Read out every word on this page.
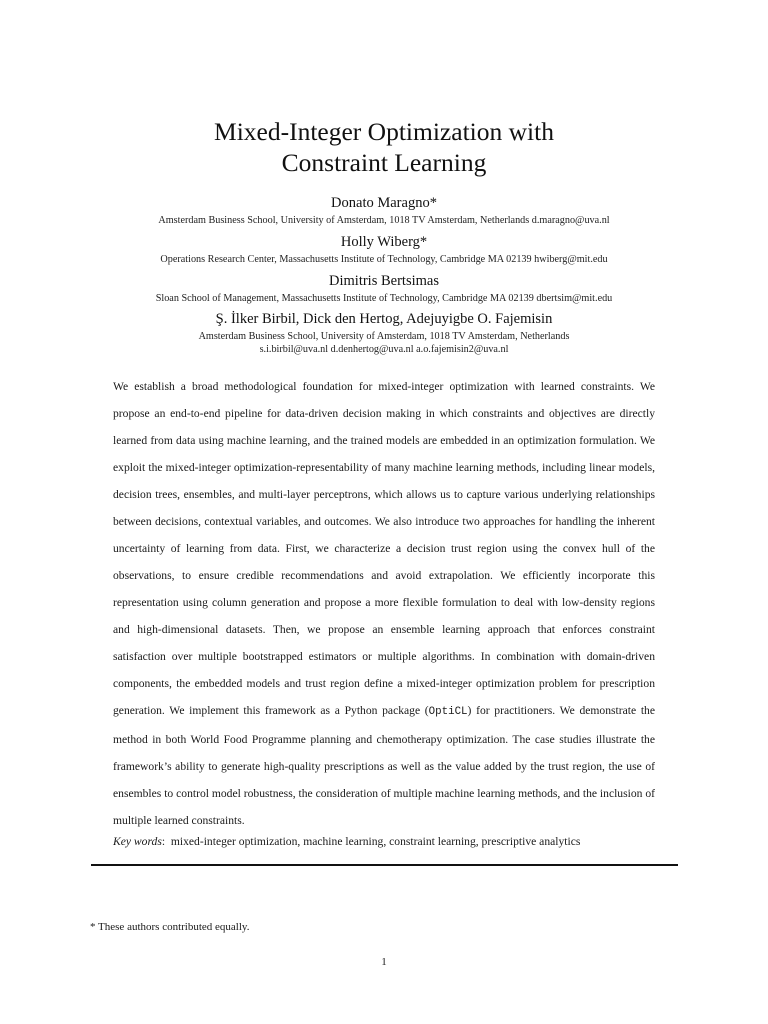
Mixed-Integer Optimization with
Constraint Learning
Donato Maragno*
Amsterdam Business School, University of Amsterdam, 1018 TV Amsterdam, Netherlands d.maragno@uva.nl
Holly Wiberg*
Operations Research Center, Massachusetts Institute of Technology, Cambridge MA 02139 hwiberg@mit.edu
Dimitris Bertsimas
Sloan School of Management, Massachusetts Institute of Technology, Cambridge MA 02139 dbertsim@mit.edu
Ş. İlker Birbil, Dick den Hertog, Adejuyigbe O. Fajemisin
Amsterdam Business School, University of Amsterdam, 1018 TV Amsterdam, Netherlands
s.i.birbil@uva.nl d.denhertog@uva.nl a.o.fajemisin2@uva.nl

We establish a broad methodological foundation for mixed-integer optimization with learned constraints. We propose an end-to-end pipeline for data-driven decision making in which constraints and objectives are directly learned from data using machine learning, and the trained models are embedded in an optimization formulation. We exploit the mixed-integer optimization-representability of many machine learning methods, including linear models, decision trees, ensembles, and multi-layer perceptrons, which allows us to capture various underlying relationships between decisions, contextual variables, and outcomes. We also introduce two approaches for handling the inherent uncertainty of learning from data. First, we characterize a decision trust region using the convex hull of the observations, to ensure credible recommendations and avoid extrapolation. We efficiently incorporate this representation using column generation and propose a more flexible formulation to deal with low-density regions and high-dimensional datasets. Then, we propose an ensemble learning approach that enforces constraint satisfaction over multiple bootstrapped estimators or multiple algorithms. In combination with domain-driven components, the embedded models and trust region define a mixed-integer optimization problem for prescription generation. We implement this framework as a Python package (OptiCL) for practitioners. We demonstrate the method in both World Food Programme planning and chemotherapy optimization. The case studies illustrate the framework’s ability to generate high-quality prescriptions as well as the value added by the trust region, the use of ensembles to control model robustness, the consideration of multiple machine learning methods, and the inclusion of multiple learned constraints.

Key words: mixed-integer optimization, machine learning, constraint learning, prescriptive analytics
* These authors contributed equally.
1
